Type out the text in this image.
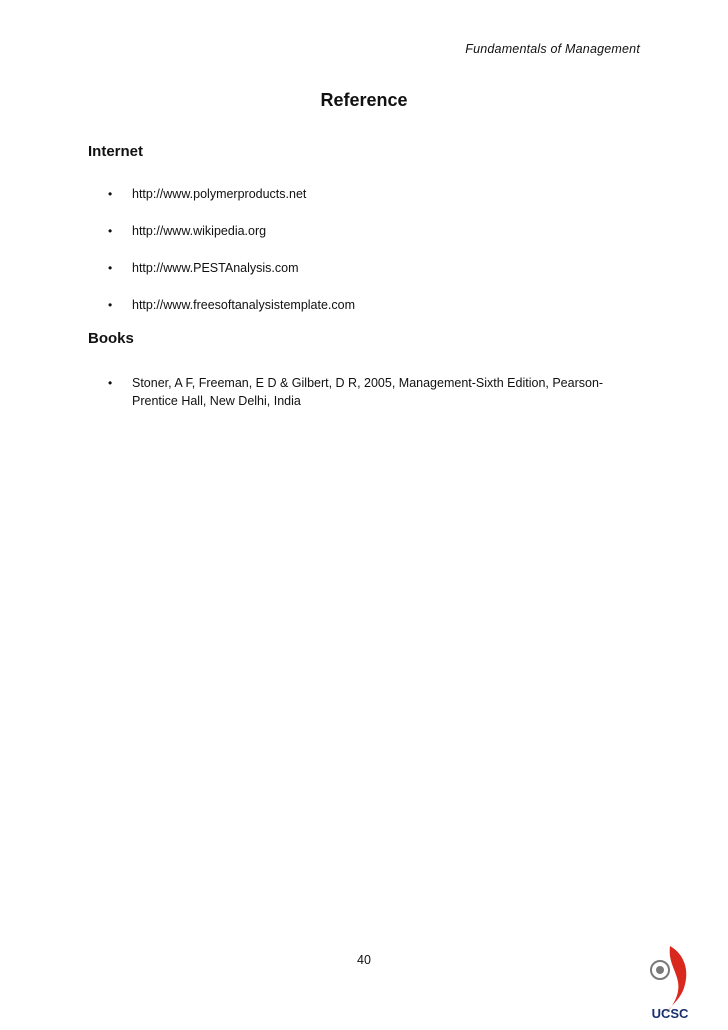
Fundamentals of Management
Reference
Internet
• http://www.polymerproducts.net
• http://www.wikipedia.org
• http://www.PESTAnalysis.com
• http://www.freesoftanalysistemplate.com
Books
• Stoner, A F, Freeman, E D & Gilbert, D R, 2005, Management-Sixth Edition, Pearson-Prentice Hall, New Delhi, India
40
UCSC
